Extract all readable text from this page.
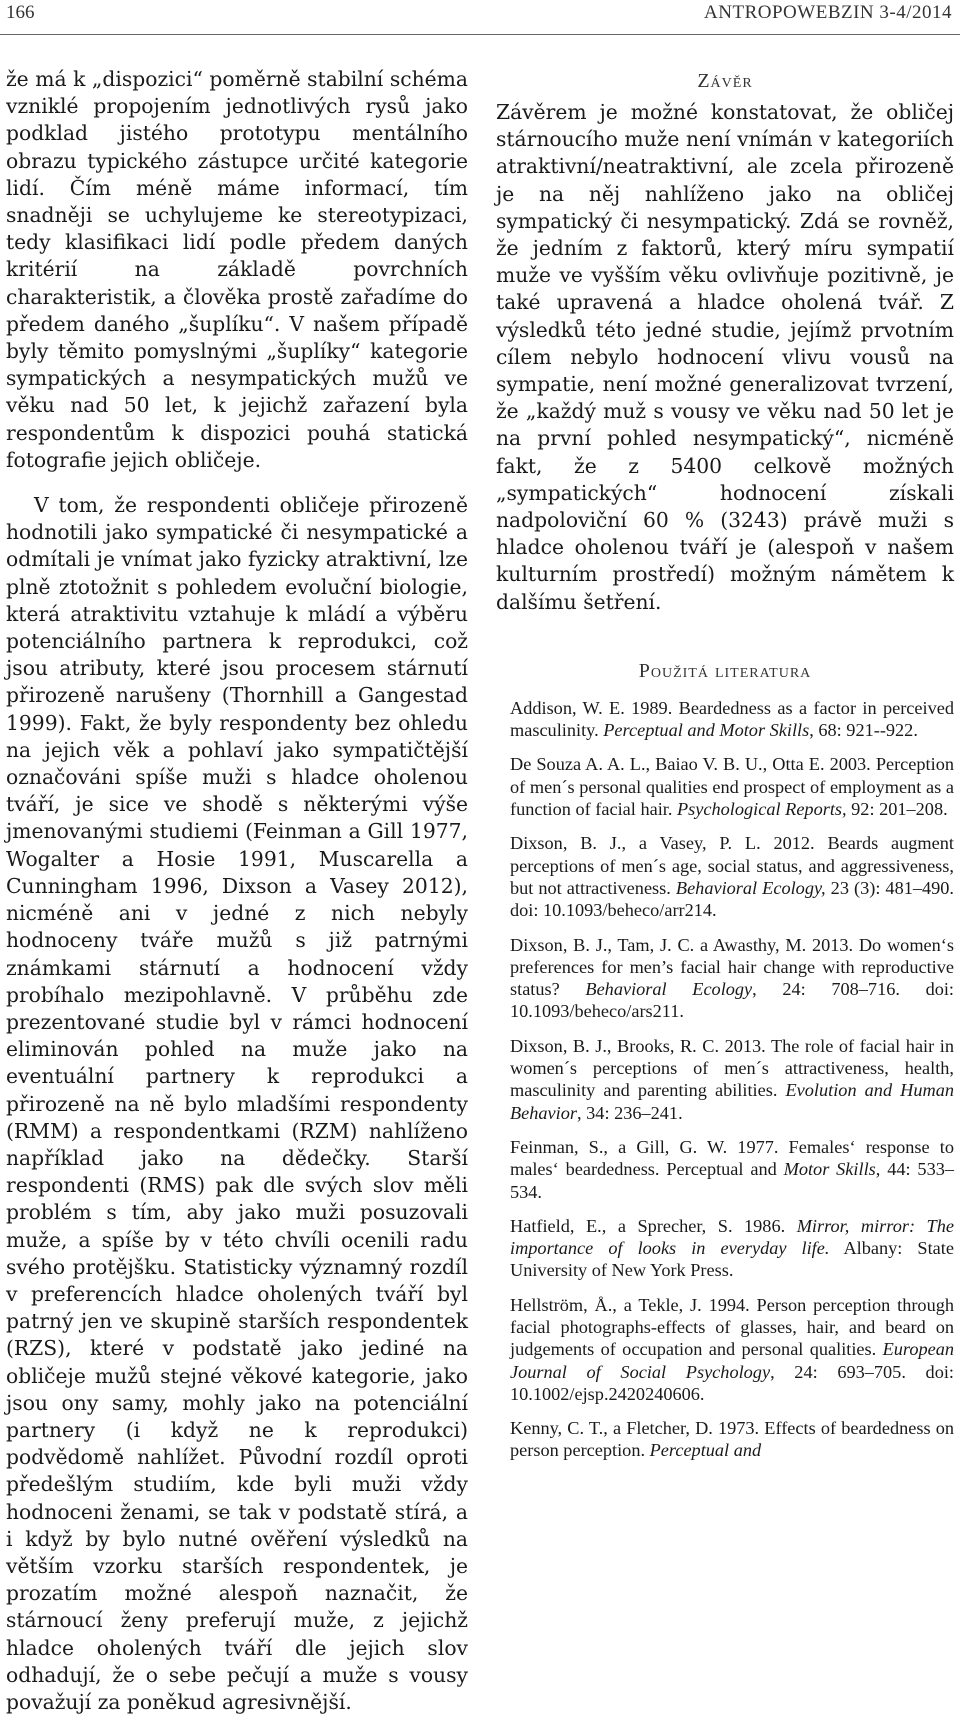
166	ANTROPOWEBZIN 3-4/2014

že má k „dispozici“ poměrně stabilní schéma vzniklé propojením jednotlivých rysů jako podklad jistého prototypu mentálního obrazu typického zástupce určité kategorie lidí. Čím méně máme informací, tím snadněji se uchylujeme ke stereotypizaci, tedy klasifikaci lidí podle předem daných kritérií na základě povrchních charakteristik, a člověka prostě zařadíme do předem daného „šuplíku“. V našem případě byly těmito pomyslnými „šuplíky“ kategorie sympatických a nesympatických mužů ve věku nad 50 let, k jejichž zařazení byla respondentům k dispozici pouhá statická fotografie jejich obličeje.

V tom, že respondenti obličeje přirozeně hodnotili jako sympatické či nesympatické a odmítali je vnímat jako fyzicky atraktivní, lze plně ztotožnit s pohledem evoluční biologie, která atraktivitu vztahuje k mládí a výběru potenciálního partnera k reprodukci, což jsou atributy, které jsou procesem stárnutí přirozeně narušeny (Thornhill a Gangestad 1999). Fakt, že byly respondenty bez ohledu na jejich věk a pohlaví jako sympatičtější označováni spíše muži s hladce oholenou tváří, je sice ve shodě s některými výše jmenovanými studiemi (Feinman a Gill 1977, Wogalter a Hosie 1991, Muscarella a Cunningham 1996, Dixson a Vasey 2012), nicméně ani v jedné z nich nebyly hodnoceny tváře mužů s již patrnými známkami stárnutí a hodnocení vždy probíhalo mezipohlavně. V průběhu zde prezentované studie byl v rámci hodnocení eliminován pohled na muže jako na eventuální partnery k reprodukci a přirozeně na ně bylo mladšími respondenty (RMM) a respondentkami (RZM) nahlíženo například jako na dědečky. Starší respondenti (RMS) pak dle svých slov měli problém s tím, aby jako muži posuzovali muže, a spíše by v této chvíli ocenili radu svého protějšku. Statisticky významný rozdíl v preferencích hladce oholených tváří byl patrný jen ve skupině starších respondentek (RZS), které v podstatě jako jediné na obličeje mužů stejné věkové kategorie, jako jsou ony samy, mohly jako na potenciální partnery (i když ne k reprodukci) podvědomě nahlížet. Původní rozdíl oproti předešlým studiím, kde byli muži vždy hodnoceni ženami, se tak v podstatě stírá, a i když by bylo nutné ověření výsledků na větším vzorku starších respondentek, je prozatím možné alespoň naznačit, že stárnoucí ženy preferují muže, z jejichž hladce oholených tváří dle jejich slov odhadují, že o sebe pečují a muže s vousy považují za poněkud agresivnější.

Závěr

Závěrem je možné konstatovat, že obličej stárnoucího muže není vnímán v kategoriích atraktivní/neatraktivní, ale zcela přirozeně je na něj nahlíženo jako na obličej sympatický či nesympatický. Zdá se rovněž, že jedním z faktorů, který míru sympatií muže ve vyšším věku ovlivňuje pozitivně, je také upravená a hladce oholená tvář. Z výsledků této jedné studie, jejímž prvotním cílem nebylo hodnocení vlivu vousů na sympatie, není možné generalizovat tvrzení, že „každý muž s vousy ve věku nad 50 let je na první pohled nesympatický“, nicméně fakt, že z 5400 celkově možných „sympatických“ hodnocení získali nadpoloviční 60 % (3243) právě muži s hladce oholenou tváří je (alespoň v našem kulturním prostředí) možným námětem k dalšímu šetření.

Použitá literatura

Addison, W. E. 1989. Beardedness as a factor in perceived masculinity. Perceptual and Motor Skills, 68: 921--922.

De Souza A. A. L., Baiao V. B. U., Otta E. 2003. Perception of men´s personal qualities end prospect of employment as a function of facial hair. Psychological Reports, 92: 201–208.

Dixson, B. J., a Vasey, P. L. 2012. Beards augment perceptions of men´s age, social status, and aggressiveness, but not attractiveness. Behavioral Ecology, 23 (3): 481–490. doi: 10.1093/beheco/arr214.

Dixson, B. J., Tam, J. C. a Awasthy, M. 2013. Do women‘s preferences for men’s facial hair change with reproductive status? Behavioral Ecology, 24: 708–716. doi: 10.1093/beheco/ars211.

Dixson, B. J., Brooks, R. C. 2013. The role of facial hair in women´s perceptions of men´s attractiveness, health, masculinity and parenting abilities. Evolution and Human Behavior, 34: 236–241.

Feinman, S., a Gill, G. W. 1977. Females‘ response to males‘ beardedness. Perceptual and Motor Skills, 44: 533–534.

Hatfield, E., a Sprecher, S. 1986. Mirror, mirror: The importance of looks in everyday life. Albany: State University of New York Press.

Hellström, Å., a Tekle, J. 1994. Person perception through facial photographs-effects of glasses, hair, and beard on judgements of occupation and personal qualities. European Journal of Social Psychology, 24: 693–705. doi: 10.1002/ejsp.2420240606.

Kenny, C. T., a Fletcher, D. 1973. Effects of beardedness on person perception. Perceptual and
